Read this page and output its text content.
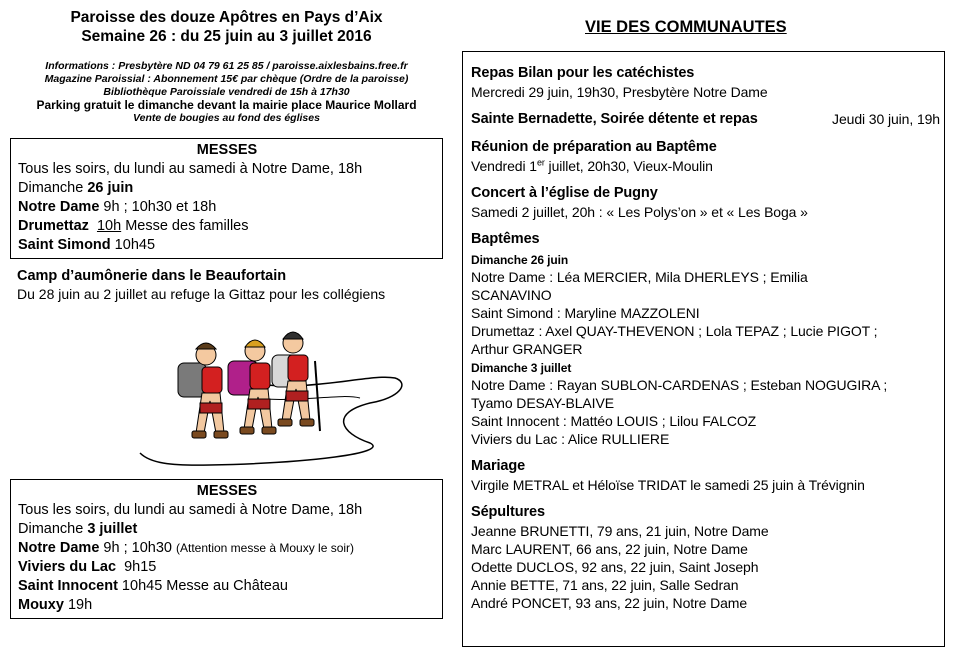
Paroisse des douze Apôtres en Pays d’Aix
Semaine 26 : du 25 juin au 3 juillet 2016
Informations : Presbytère ND 04 79 61 25 85 / paroisse.aixlesbains.free.fr
Magazine Paroissial : Abonnement 15€ par chèque (Ordre de la paroisse)
Bibliothèque Paroissiale vendredi de 15h à 17h30
Parking gratuit le dimanche devant la mairie place Maurice Mollard
Vente de bougies au fond des églises
MESSES
Tous les soirs, du lundi au samedi à Notre Dame, 18h
Dimanche 26 juin
Notre Dame 9h ; 10h30 et 18h
Drumettaz 10h Messe des familles
Saint Simond 10h45
Camp d’aumônerie dans le Beaufortain
Du 28 juin au 2 juillet au refuge la Gittaz pour les collégiens
MESSES
Tous les soirs, du lundi au samedi à Notre Dame, 18h
Dimanche 3 juillet
Notre Dame 9h ; 10h30 (Attention messe à Mouxy le soir)
Viviers du Lac  9h15
Saint Innocent 10h45 Messe au Château
Mouxy 19h
VIE DES COMMUNAUTES
Repas Bilan pour les catéchistes
Mercredi 29 juin, 19h30, Presbytère Notre Dame
Sainte Bernadette, Soirée détente et repas	Jeudi 30 juin, 19h
Réunion de préparation au Baptême
Vendredi 1er juillet, 20h30, Vieux-Moulin
Concert à l’église de Pugny
Samedi 2 juillet, 20h : « Les Polys’on » et « Les Boga »
Baptêmes
Dimanche 26 juin
Notre Dame : Léa MERCIER, Mila DHERLEYS ; Emilia
SCANAVINO
Saint Simond : Maryline MAZZOLENI
Drumettaz : Axel QUAY-THEVENON ; Lola TEPAZ ; Lucie PIGOT ;
Arthur GRANGER
Dimanche 3 juillet
Notre Dame : Rayan SUBLON-CARDENAS ; Esteban NOGUGIRA ;
Tyamo DESAY-BLAIVE
Saint Innocent : Mattéo LOUIS ; Lilou FALCOZ
Viviers du Lac : Alice RULLIERE
Mariage
Virgile METRAL et Héloïse TRIDAT le samedi 25 juin à Trévignin
Sépultures
Jeanne BRUNETTI, 79 ans, 21 juin, Notre Dame
Marc LAURENT, 66 ans, 22 juin, Notre Dame
Odette DUCLOS, 92 ans, 22 juin, Saint Joseph
Annie BETTE, 71 ans, 22 juin, Salle Sedran
André PONCET, 93 ans, 22 juin, Notre Dame
